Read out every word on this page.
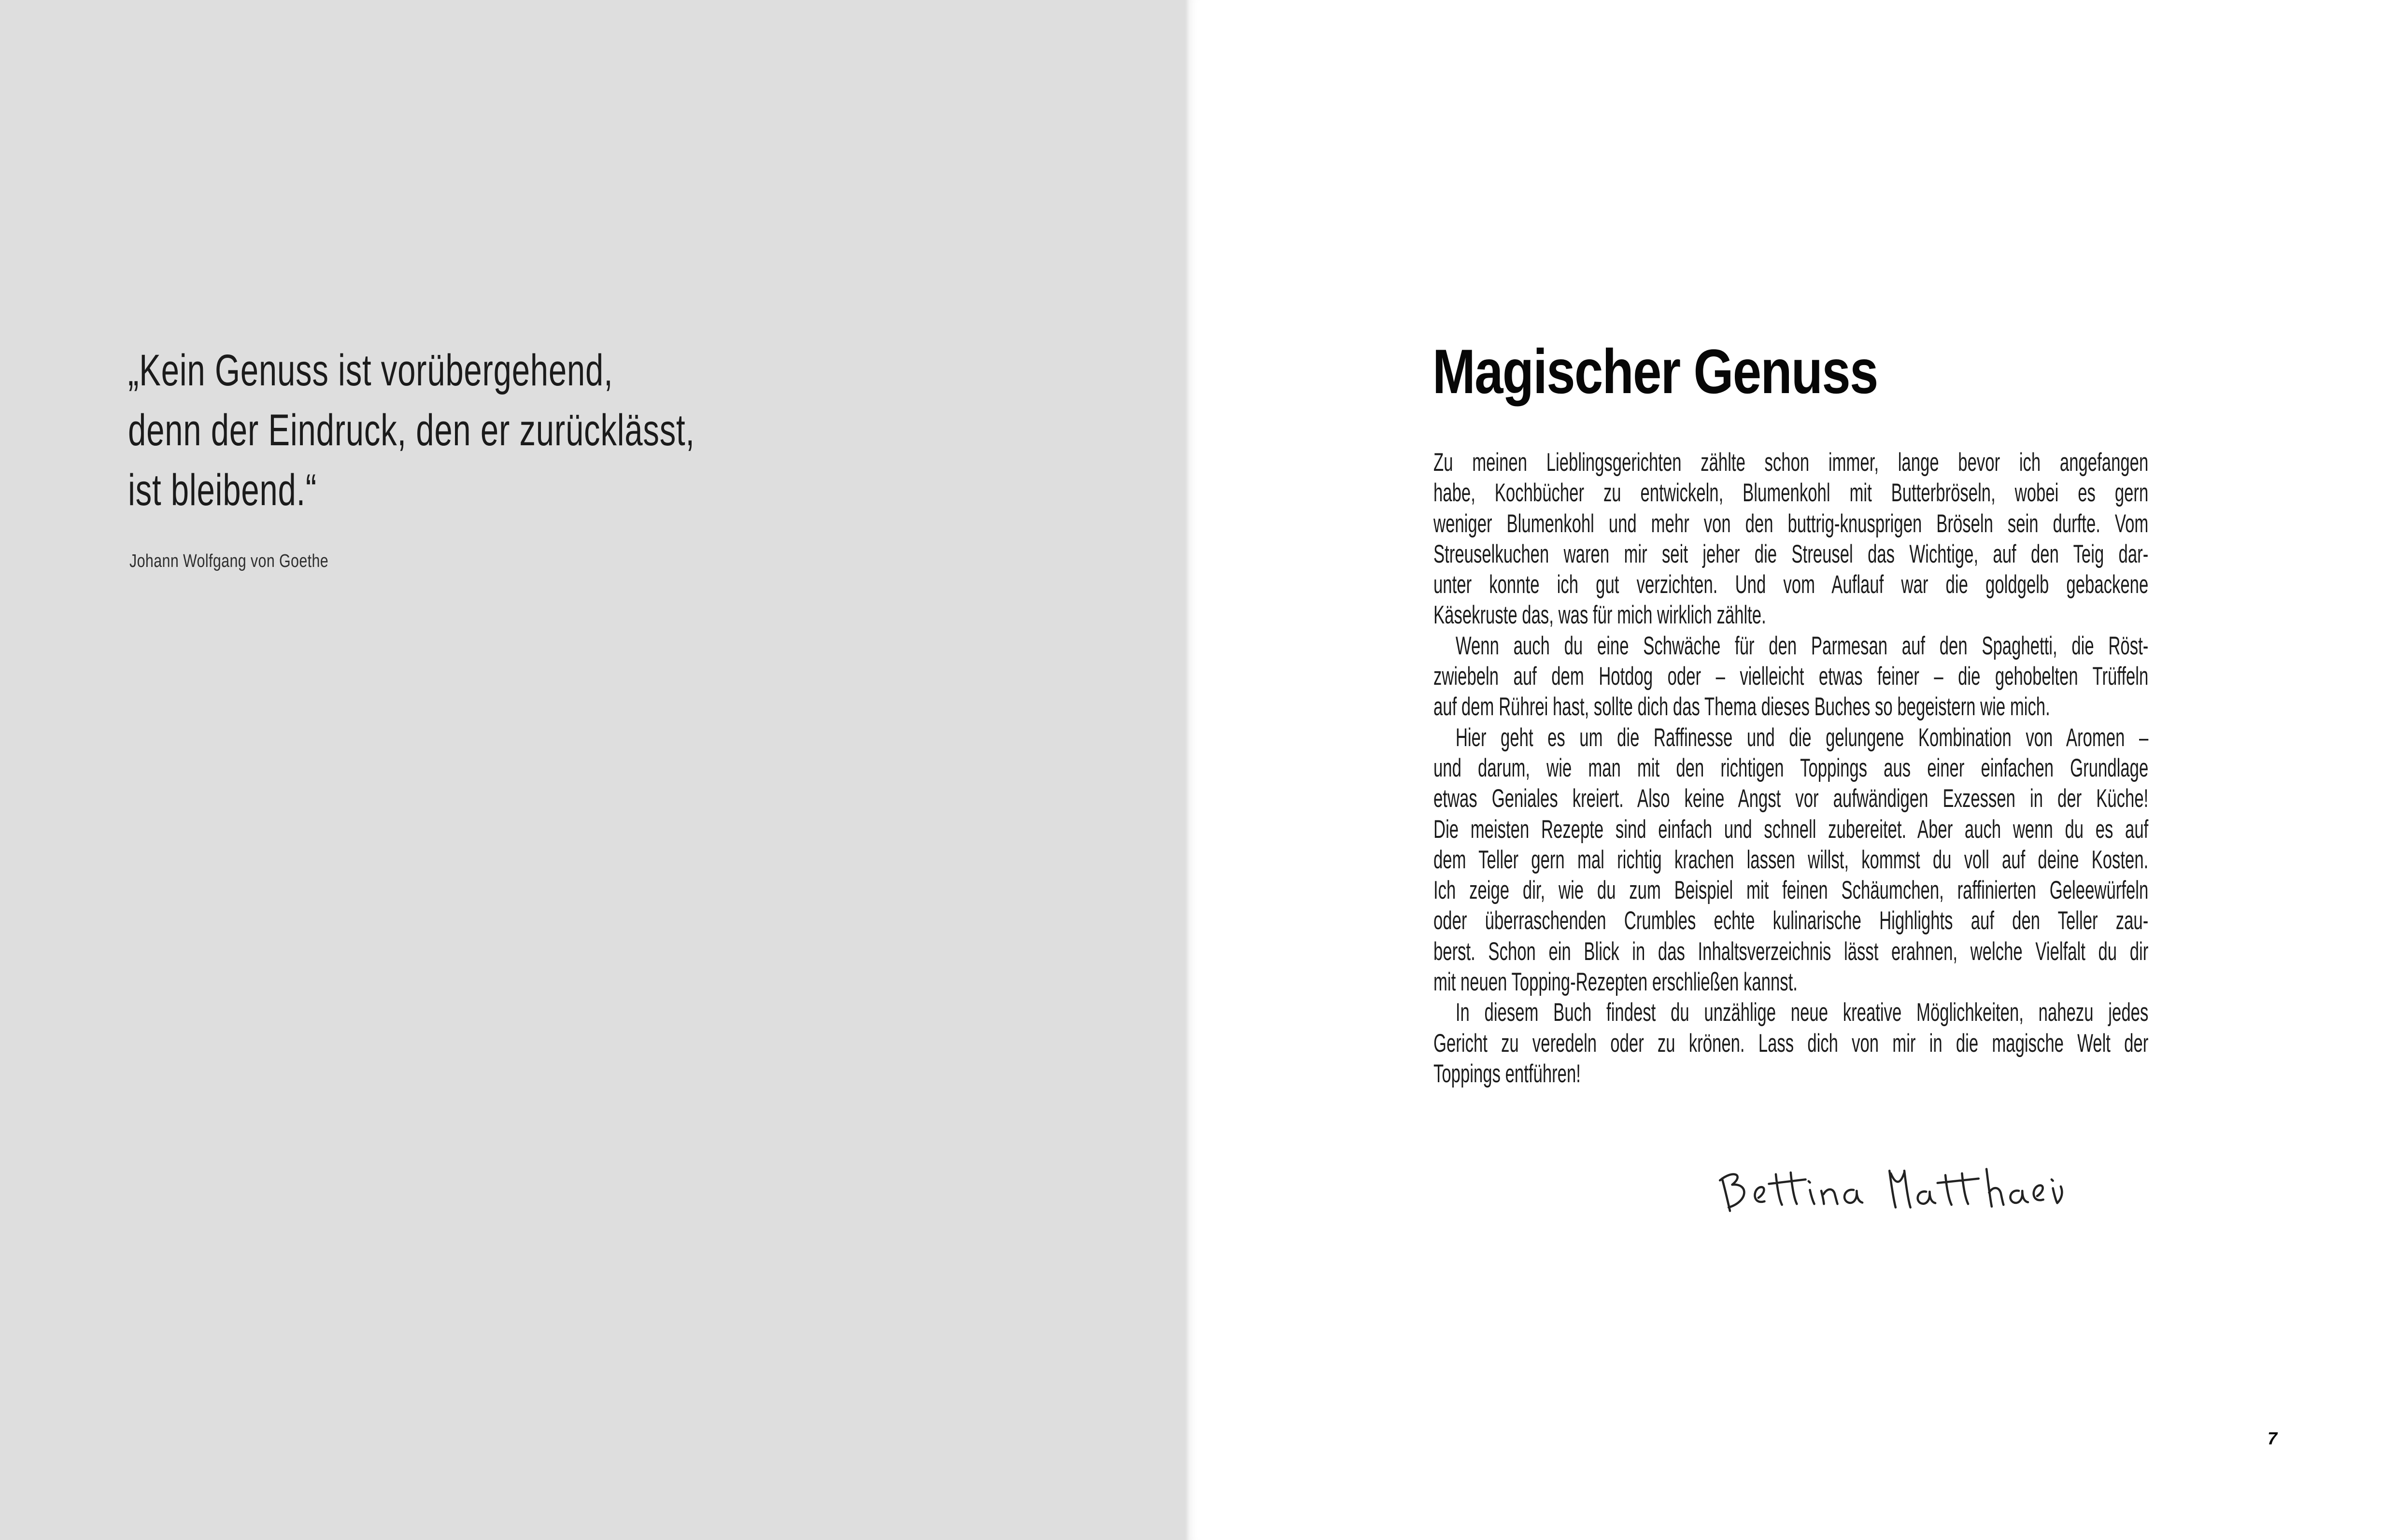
„Kein Genuss ist vorübergehend,
denn der Eindruck, den er zurücklässt,
ist bleibend.“
Johann Wolfgang von Goethe
Magischer Genuss
Zu meinen Lieblingsgerichten zählte schon immer, lange bevor ich angefangen
habe, Kochbücher zu entwickeln, Blumenkohl mit Butterbröseln, wobei es gern
weniger Blumenkohl und mehr von den buttrig-knusprigen Bröseln sein durfte. Vom
Streuselkuchen waren mir seit jeher die Streusel das Wichtige, auf den Teig dar-
unter konnte ich gut verzichten. Und vom Auflauf war die goldgelb gebackene
Käsekruste das, was für mich wirklich zählte.
Wenn auch du eine Schwäche für den Parmesan auf den Spaghetti, die Röst-
zwiebeln auf dem Hotdog oder – vielleicht etwas feiner – die gehobelten Trüffeln
auf dem Rührei hast, sollte dich das Thema dieses Buches so begeistern wie mich.
Hier geht es um die Raffinesse und die gelungene Kombination von Aromen –
und darum, wie man mit den richtigen Toppings aus einer einfachen Grundlage
etwas Geniales kreiert. Also keine Angst vor aufwändigen Exzessen in der Küche!
Die meisten Rezepte sind einfach und schnell zubereitet. Aber auch wenn du es auf
dem Teller gern mal richtig krachen lassen willst, kommst du voll auf deine Kosten.
Ich zeige dir, wie du zum Beispiel mit feinen Schäumchen, raffinierten Geleewürfeln
oder überraschenden Crumbles echte kulinarische Highlights auf den Teller zau-
berst. Schon ein Blick in das Inhaltsverzeichnis lässt erahnen, welche Vielfalt du dir
mit neuen Topping-Rezepten erschließen kannst.
In diesem Buch findest du unzählige neue kreative Möglichkeiten, nahezu jedes
Gericht zu veredeln oder zu krönen. Lass dich von mir in die magische Welt der
Toppings entführen!
7
